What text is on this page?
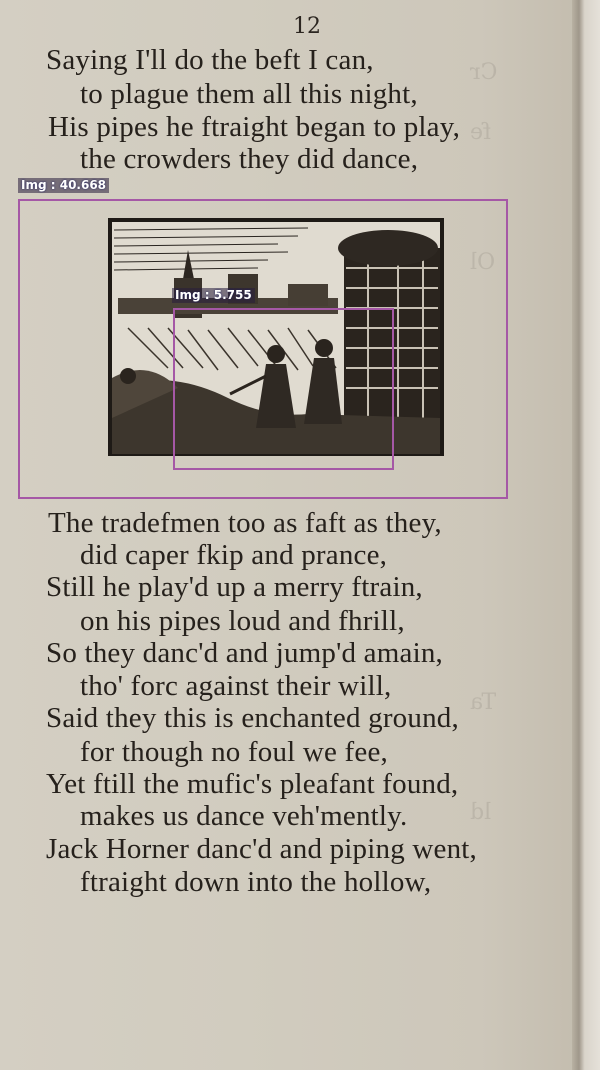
Cr
fe
Ol
Ta
ld
12
Saying I'll do the beft I can,
to plague them all this night,
His pipes he ftraight began to play,
the crowders they did dance,
Img : 40.668
Img : 5.755
The tradefmen too as faft as they,
did caper fkip and prance,
Still he play'd up a merry ftrain,
on his pipes loud and fhrill,
So they danc'd and jump'd amain,
tho' forc against their will,
Said they this is enchanted ground,
for though no foul we fee,
Yet ftill the mufic's pleafant found,
makes us dance veh'mently.
Jack Horner danc'd and piping went,
ftraight down into the hollow,
